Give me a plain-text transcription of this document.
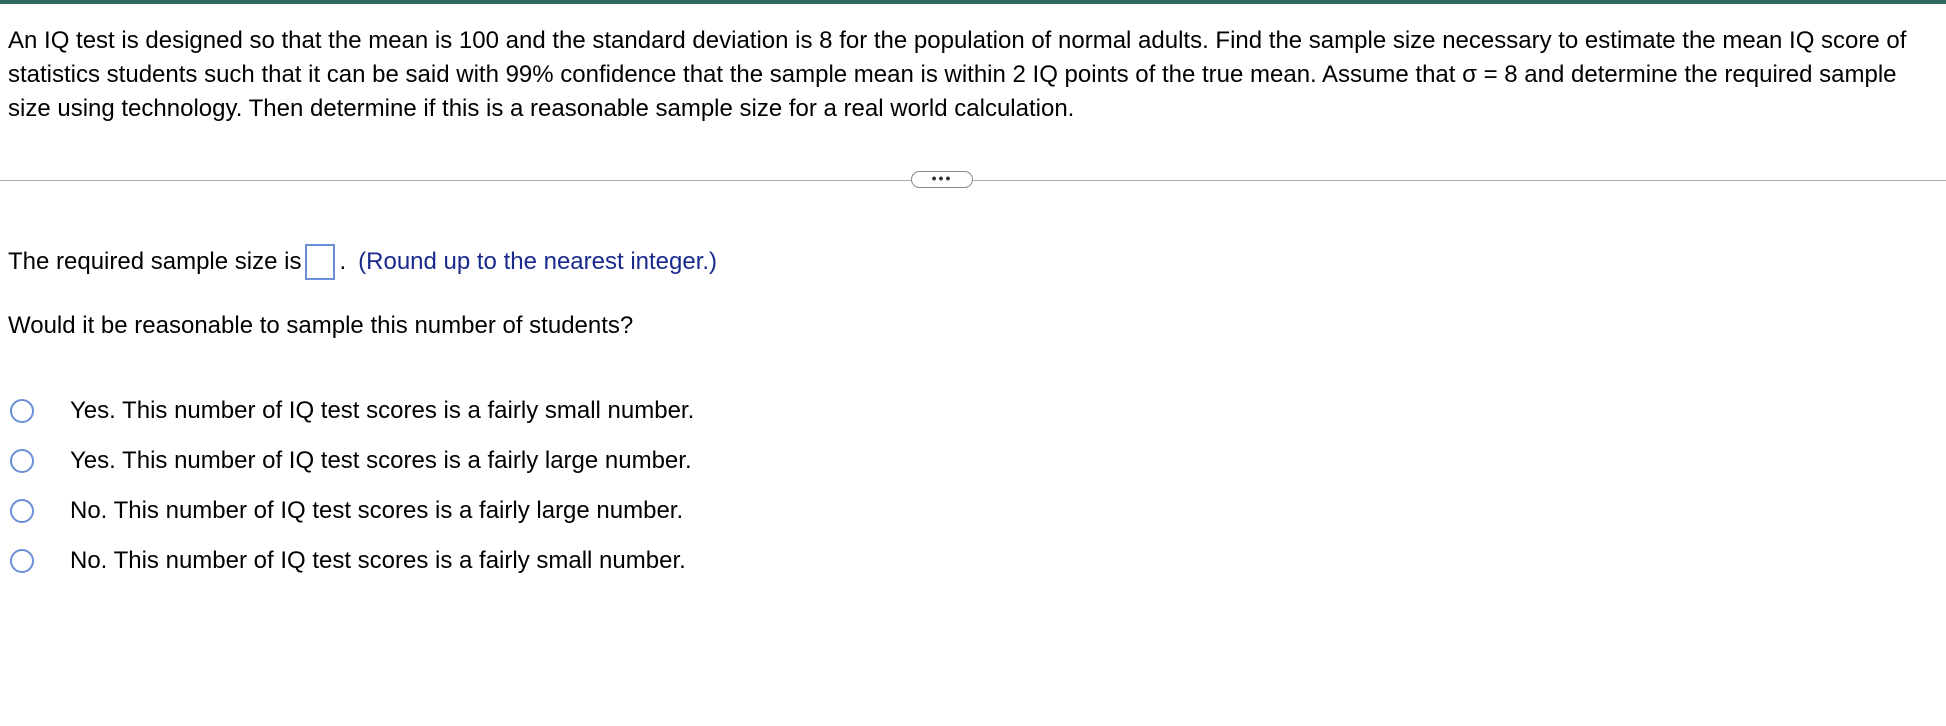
An IQ test is designed so that the mean is 100 and the standard deviation is 8 for the population of normal adults. Find the sample size necessary to estimate the mean IQ score of statistics students such that it can be said with 99% confidence that the sample mean is within 2 IQ points of the true mean. Assume that σ = 8 and determine the required sample size using technology. Then determine if this is a reasonable sample size for a real world calculation.
•••
The required sample size is . (Round up to the nearest integer.)
Would it be reasonable to sample this number of students?
Yes. This number of IQ test scores is a fairly small number.
Yes. This number of IQ test scores is a fairly large number.
No. This number of IQ test scores is a fairly large number.
No. This number of IQ test scores is a fairly small number.
